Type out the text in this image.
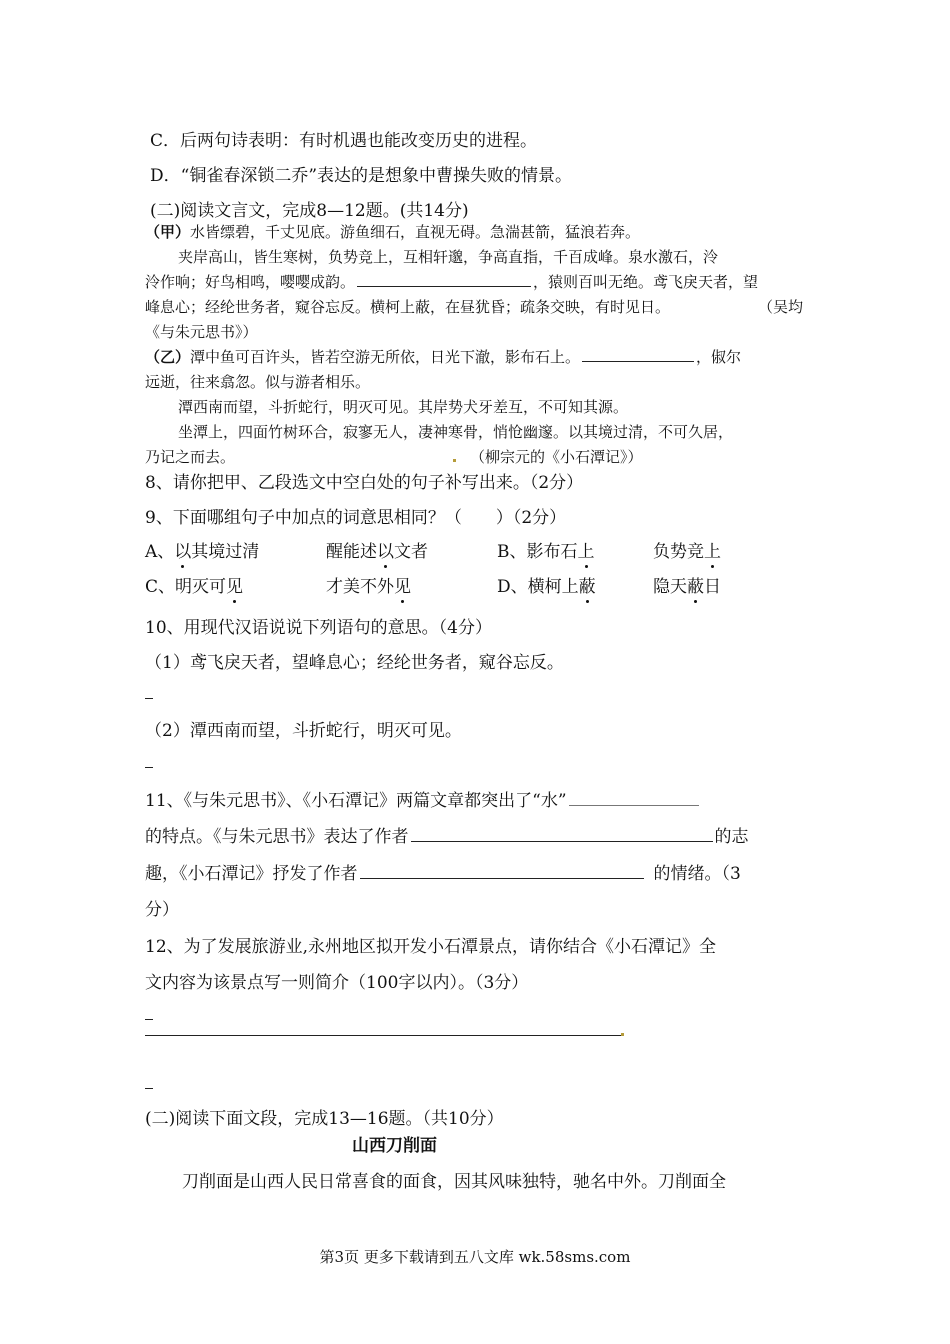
C．后两句诗表明：有时机遇也能改变历史的进程。
D．“铜雀春深锁二乔”表达的是想象中曹操失败的情景。
(二)阅读文言文，完成8—12题。(共14分)
（甲）水皆缥碧，千丈见底。游鱼细石，直视无碍。急湍甚箭，猛浪若奔。
夹岸高山，皆生寒树，负势竞上，互相轩邈，争高直指，千百成峰。泉水激石，泠
泠作响；好鸟相鸣，嘤嘤成韵。	，猿则百叫无绝。鸢飞戾天者，望
峰息心；经纶世务者，窥谷忘反。横柯上蔽，在昼犹昏；疏条交映，有时见日。	（吴均
《与朱元思书》）
（乙）潭中鱼可百许头，皆若空游无所依，日光下澈，影布石上。	，俶尔
远逝，往来翕忽。似与游者相乐。
潭西南而望，斗折蛇行，明灭可见。其岸势犬牙差互，不可知其源。
坐潭上，四面竹树环合，寂寥无人，凄神寒骨，悄怆幽邃。以其境过清，不可久居，
乃记之而去。	（柳宗元的《小石潭记》）
8、请你把甲、乙段选文中空白处的句子补写出来。（2分）
9、下面哪组句子中加点的词意思相同？（　　）（2分）
A、以其境过清	醒能述以文者	B、影布石上	负势竞上
C、明灭可见	才美不外见	D、横柯上蔽	隐天蔽日
10、用现代汉语说说下列语句的意思。（4分）
（1）鸢飞戾天者，望峰息心；经纶世务者，窥谷忘反。
（2）潭西南而望，斗折蛇行，明灭可见。
11、《与朱元思书》、《小石潭记》两篇文章都突出了“水”
的特点。《与朱元思书》表达了作者	的志
趣，《小石潭记》抒发了作者	的情绪。（3
分）
12、为了发展旅游业,永州地区拟开发小石潭景点，请你结合《小石潭记》全
文内容为该景点写一则简介（100字以内）。（3分）
(二)阅读下面文段，完成13—16题。（共10分）
山西刀削面
刀削面是山西人民日常喜食的面食，因其风味独特，驰名中外。刀削面全
第3页 更多下载请到五八文库 wk.58sms.com
